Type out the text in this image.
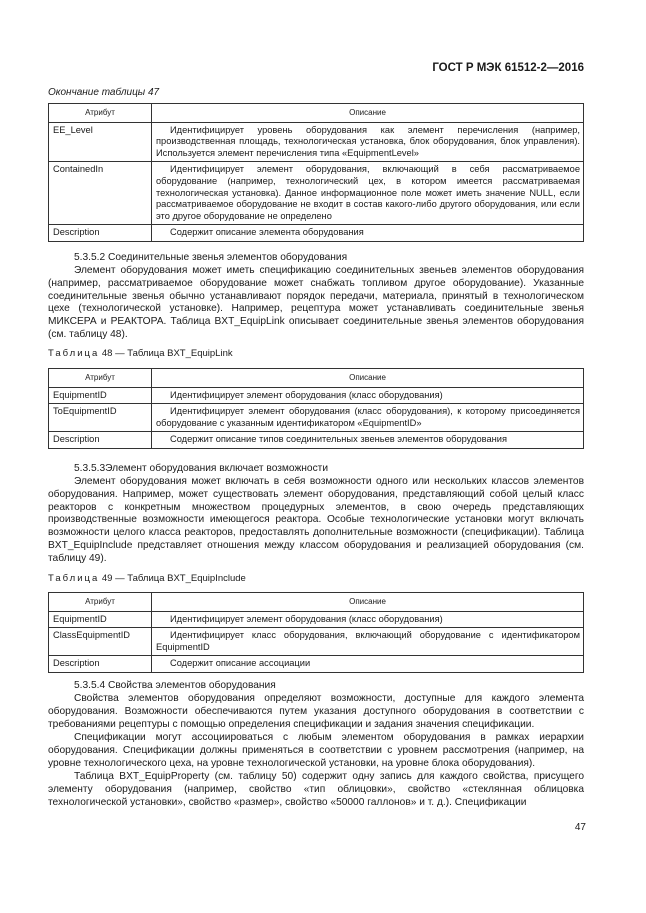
ГОСТ Р МЭК 61512-2—2016
Окончание таблицы 47
Атрибут	Описание
EE_Level	Идентифицирует уровень оборудования как элемент перечисления (например, производственная площадь, технологическая установка, блок оборудования, блок управления). Используется элемент перечисления типа «EquipmentLevel»
ContainedIn	Идентифицирует элемент оборудования, включающий в себя рассматриваемое оборудование (например, технологический цех, в котором имеется рассматриваемая технологическая установка). Данное информационное поле может иметь значение NULL, если рассматриваемое оборудование не входит в состав какого-либо другого оборудования, или если это другое оборудование не определено
Description	Содержит описание элемента оборудования
5.3.5.2 Соединительные звенья элементов оборудования
Элемент оборудования может иметь спецификацию соединительных звеньев элементов оборудования (например, рассматриваемое оборудование может снабжать топливом другое оборудование). Указанные соединительные звенья обычно устанавливают порядок передачи, материала, принятый в технологическом цехе (технологической установке). Например, рецептура может устанавливать соединительные звенья МИКСЕРА и РЕАКТОРА. Таблица BXT_EquipLink описывает соединительные звенья элементов оборудования (см. таблицу 48).
Таблица 48 — Таблица BXT_EquipLink
Атрибут	Описание
EquipmentID	Идентифицирует элемент оборудования (класс оборудования)
ToEquipmentID	Идентифицирует элемент оборудования (класс оборудования), к которому присоединяется оборудование с указанным идентификатором «EquipmentID»
Description	Содержит описание типов соединительных звеньев элементов оборудования
5.3.5.3Элемент оборудования включает возможности
Элемент оборудования может включать в себя возможности одного или нескольких классов элементов оборудования. Например, может существовать элемент оборудования, представляющий собой целый класс реакторов с конкретным множеством процедурных элементов, в свою очередь представляющих производственные возможности имеющегося реактора. Особые технологические установки могут включать возможности целого класса реакторов, предоставлять дополнительные возможности (спецификации). Таблица BXT_EquipInclude представляет отношения между классом оборудования и реализацией оборудования (см. таблицу 49).
Таблица 49 — Таблица BXT_EquipInclude
Атрибут	Описание
EquipmentID	Идентифицирует элемент оборудования (класс оборудования)
ClassEquipmentID	Идентифицирует класс оборудования, включающий оборудование с идентификатором EquipmentID
Description	Содержит описание ассоциации
5.3.5.4 Свойства элементов оборудования
Свойства элементов оборудования определяют возможности, доступные для каждого элемента оборудования. Возможности обеспечиваются путем указания доступного оборудования в соответствии с требованиями рецептуры с помощью определения спецификации и задания значения спецификации.
Спецификации могут ассоциироваться с любым элементом оборудования в рамках иерархии оборудования. Спецификации должны применяться в соответствии с уровнем рассмотрения (например, на уровне технологического цеха, на уровне технологической установки, на уровне блока оборудования).
Таблица BXT_EquipProperty (см. таблицу 50) содержит одну запись для каждого свойства, присущего элементу оборудования (например, свойство «тип облицовки», свойство «стеклянная облицовка технологической установки», свойство «размер», свойство «50000 галлонов» и т. д.). Спецификации
47
